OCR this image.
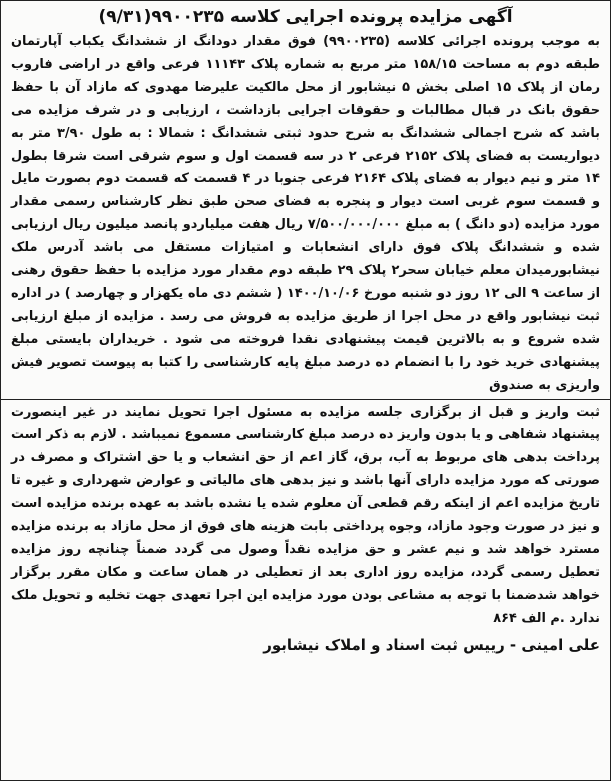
آگهی مزایده پرونده اجرایی کلاسه ۹۹۰۰۲۳۵(۹/۳۱)

به موجب پرونده اجرائی کلاسه (۹۹۰۰۲۳۵) فوق مقدار دودانگ از ششدانگ یکباب آپارتمان طبقه دوم به مساحت ۱۵۸/۱۵ متر مربع به شماره پلاک ۱۱۱۴۳ فرعی واقع در اراضی فاروب رمان از پلاک ۱۵ اصلی بخش ۵ نیشابور از محل مالکیت علیرضا مهدوی که مازاد آن با حفظ حقوق بانک در قبال مطالبات و حقوقات اجرایی بازداشت ، ارزیابی و در شرف مزایده می باشد که شرح اجمالی ششدانگ به شرح حدود ثبتی ششدانگ : شمالا : به طول ۳/۹۰ متر به دیواریست به فضای پلاک ۲۱۵۲ فرعی ۲ در سه قسمت اول و سوم شرقی است شرقا بطول ۱۴ متر و نیم دیوار به فضای پلاک ۲۱۶۴ فرعی جنوبا در ۴ قسمت که قسمت دوم بصورت مایل و قسمت سوم غربی است دیوار و پنجره به فضای صحن طبق نظر کارشناس رسمی مقدار مورد مزایده (دو دانگ ) به مبلغ ۷/۵۰۰/۰۰۰/۰۰۰ ریال هفت میلیاردو پانصد میلیون ریال ارزیابی شده و ششدانگ پلاک فوق دارای انشعابات و امتیازات مستقل می باشد آدرس ملک نیشابورمیدان معلم خیابان سحر۲ پلاک ۲۹ طبقه دوم مقدار مورد مزایده با حفظ حقوق رهنی از ساعت ۹ الی ۱۲ روز دو شنبه مورخ ۱۴۰۰/۱۰/۰۶ ( ششم دی ماه یکهزار و چهارصد ) در اداره ثبت نیشابور واقع در محل اجرا از طریق مزایده به فروش می رسد . مزایده از مبلغ ارزیابی شده شروع و به بالاترین قیمت پیشنهادی نقدا فروخته می شود . خریداران بایستی مبلغ پیشنهادی خرید خود را با انضمام ده درصد مبلغ پایه کارشناسی را کتبا به پیوست تصویر فیش واریزی به صندوق

ثبت واریز و قبل از برگزاری جلسه مزایده به مسئول اجرا تحویل نمایند در غیر اینصورت پیشنهاد شفاهی و یا بدون واریز ده درصد مبلغ کارشناسی مسموع نمیباشد . لازم به ذکر است پرداخت بدهی های مربوط به آب، برق، گاز اعم از حق انشعاب و یا حق اشتراک و مصرف در صورتی که مورد مزایده دارای آنها باشد و نیز بدهی های مالیاتی و عوارض شهرداری و غیره تا تاریخ مزایده اعم از اینکه رقم قطعی آن معلوم شده یا نشده باشد به عهده برنده مزایده است و نیز در صورت وجود مازاد، وجوه پرداختی بابت هزینه های فوق از محل مازاد به برنده مزایده مسترد خواهد شد و نیم عشر و حق مزایده نقداً وصول می گردد ضمناً چنانچه روز مزایده تعطیل رسمی گردد، مزایده روز اداری بعد از تعطیلی در همان ساعت و مکان مقرر برگزار خواهد شدضمنا با توجه به مشاعی بودن مورد مزایده این اجرا تعهدی جهت تخلیه و تحویل ملک ندارد .م الف ۸۶۴

علی امینی - رییس ثبت اسناد و املاک نیشابور
